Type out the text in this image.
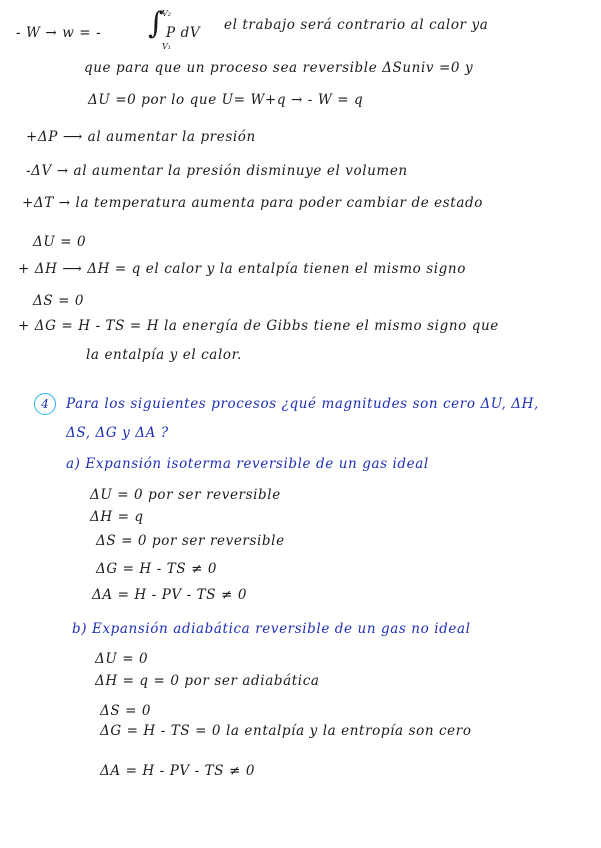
- W → w = - ∫
V₂
V₁
P dV el trabajo será contrario al calor ya
que para que un proceso sea reversible ΔSuniv =0 y
ΔU =0 por lo que U= W+q → - W = q
+ΔP ⟶ al aumentar la presión
-ΔV → al aumentar la presión disminuye el volumen
+ΔT → la temperatura aumenta para poder cambiar de estado
ΔU = 0
+ ΔH ⟶ ΔH = q el calor y la entalpía tienen el mismo signo
ΔS = 0
+ ΔG = H - TS = H la energía de Gibbs tiene el mismo signo que
la entalpía y el calor.
4	Para los siguientes procesos ¿qué magnitudes son cero ΔU, ΔH,
ΔS, ΔG y ΔA ?
a) Expansión isoterma reversible de un gas ideal
ΔU = 0 por ser reversible
ΔH = q
ΔS = 0 por ser reversible
ΔG = H - TS ≠ 0
ΔA = H - PV - TS ≠ 0
b) Expansión adiabática reversible de un gas no ideal
ΔU = 0
ΔH = q = 0 por ser adiabática
ΔS = 0
ΔG = H - TS = 0 la entalpía y la entropía son cero
ΔA = H - PV - TS ≠ 0
